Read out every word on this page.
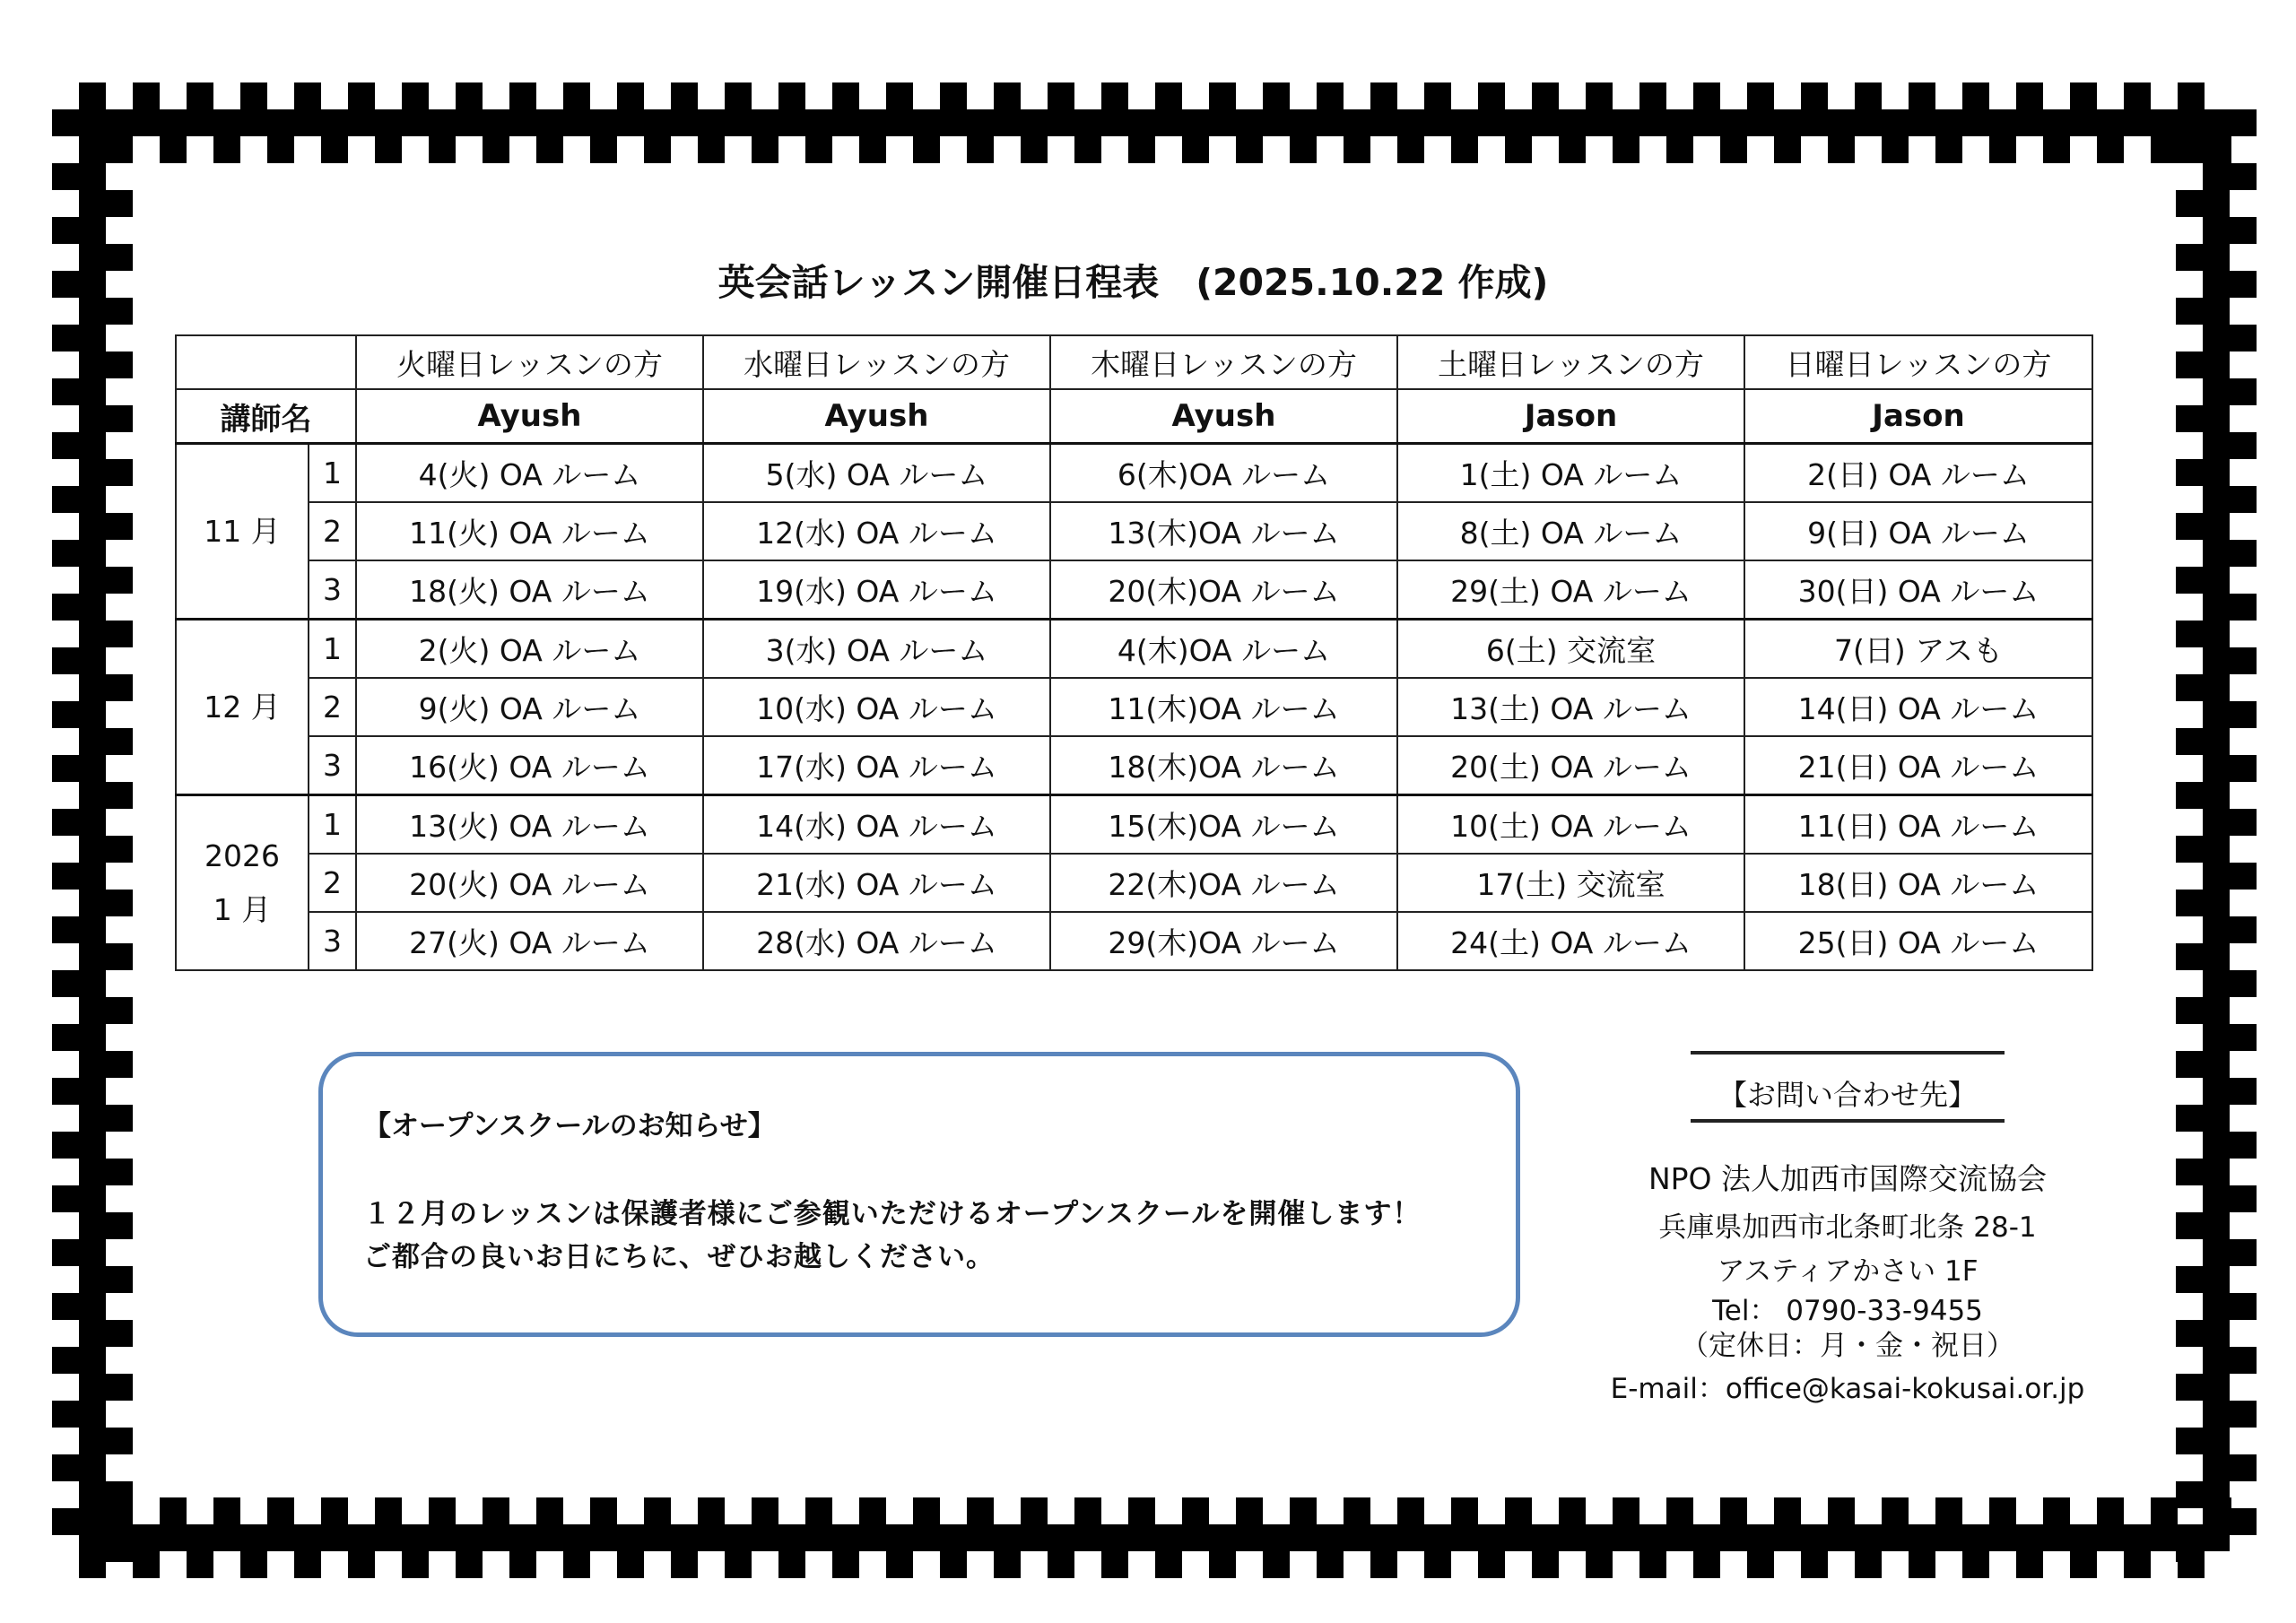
英会話レッスン開催日程表　(2025.10.22 作成)
		火曜日レッスンの方	水曜日レッスンの方	木曜日レッスンの方	土曜日レッスンの方	日曜日レッスンの方
講師名		Ayush	Ayush	Ayush	Jason	Jason

11 月	1	4(火) OA ルーム	5(水) OA ルーム	6(木)OA ルーム	1(土) OA ルーム	2(日) OA ルーム
	2	11(火) OA ルーム	12(水) OA ルーム	13(木)OA ルーム	8(土) OA ルーム	9(日) OA ルーム
	3	18(火) OA ルーム	19(水) OA ルーム	20(木)OA ルーム	29(土) OA ルーム	30(日) OA ルーム

12 月	1	2(火) OA ルーム	3(水) OA ルーム	4(木)OA ルーム	6(土) 交流室	7(日) アスも
	2	9(火) OA ルーム	10(水) OA ルーム	11(木)OA ルーム	13(土) OA ルーム	14(日) OA ルーム
	3	16(火) OA ルーム	17(水) OA ルーム	18(木)OA ルーム	20(土) OA ルーム	21(日) OA ルーム

2026
1 月	1	13(火) OA ルーム	14(水) OA ルーム	15(木)OA ルーム	10(土) OA ルーム	11(日) OA ルーム
	2	20(火) OA ルーム	21(水) OA ルーム	22(木)OA ルーム	17(土) 交流室	18(日) OA ルーム
	3	27(火) OA ルーム	28(水) OA ルーム	29(木)OA ルーム	24(土) OA ルーム	25(日) OA ルーム
【オープンスクールのお知らせ】
１２月のレッスンは保護者様にご参観いただけるオープンスクールを開催します！
ご都合の良いお日にちに、ぜひお越しください。
【お問い合わせ先】
NPO 法人加西市国際交流協会
兵庫県加西市北条町北条 28-1
アスティアかさい 1F
Tel： 0790-33-9455
（定休日：月・金・祝日）
E-mail：office@kasai-kokusai.or.jp
